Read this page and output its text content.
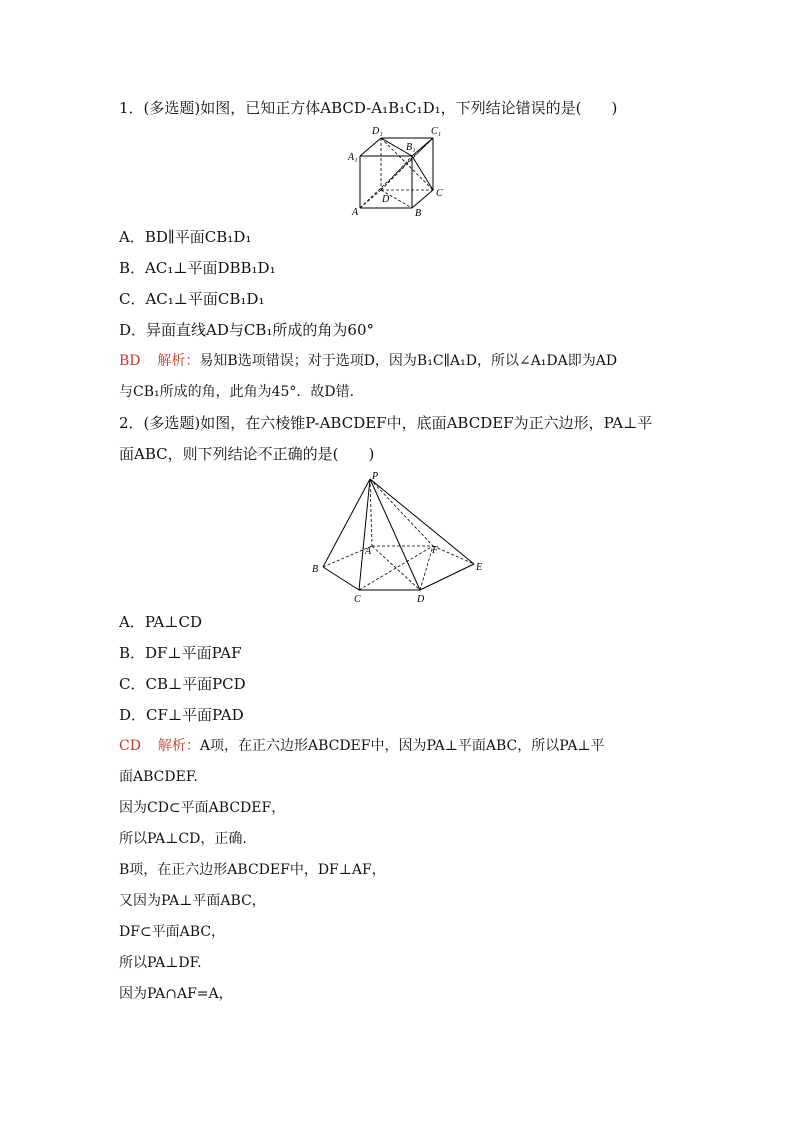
1．(多选题)如图，已知正方体ABCD-A₁B₁C₁D₁，下列结论错误的是(　　)
D₁	C₁
A₁
B₁
D
C
A	B
A．BD∥平面CB₁D₁
B．AC₁⊥平面DBB₁D₁
C．AC₁⊥平面CB₁D₁
D．异面直线AD与CB₁所成的角为60°
BD 解析：易知B选项错误；对于选项D，因为B₁C∥A₁D，所以∠A₁DA即为AD
与CB₁所成的角，此角为45°．故D错．
2．(多选题)如图，在六棱锥P-ABCDEF中，底面ABCDEF为正六边形，PA⊥平
面ABC，则下列结论不正确的是(　　)
P
A	F
B	E
C	D
A．PA⊥CD
B．DF⊥平面PAF
C．CB⊥平面PCD
D．CF⊥平面PAD
CD 解析：A项，在正六边形ABCDEF中，因为PA⊥平面ABC，所以PA⊥平
面ABCDEF.
因为CD⊂平面ABCDEF，
所以PA⊥CD，正确.
B项，在正六边形ABCDEF中，DF⊥AF，
又因为PA⊥平面ABC，
DF⊂平面ABC，
所以PA⊥DF.
因为PA∩AF=A，
